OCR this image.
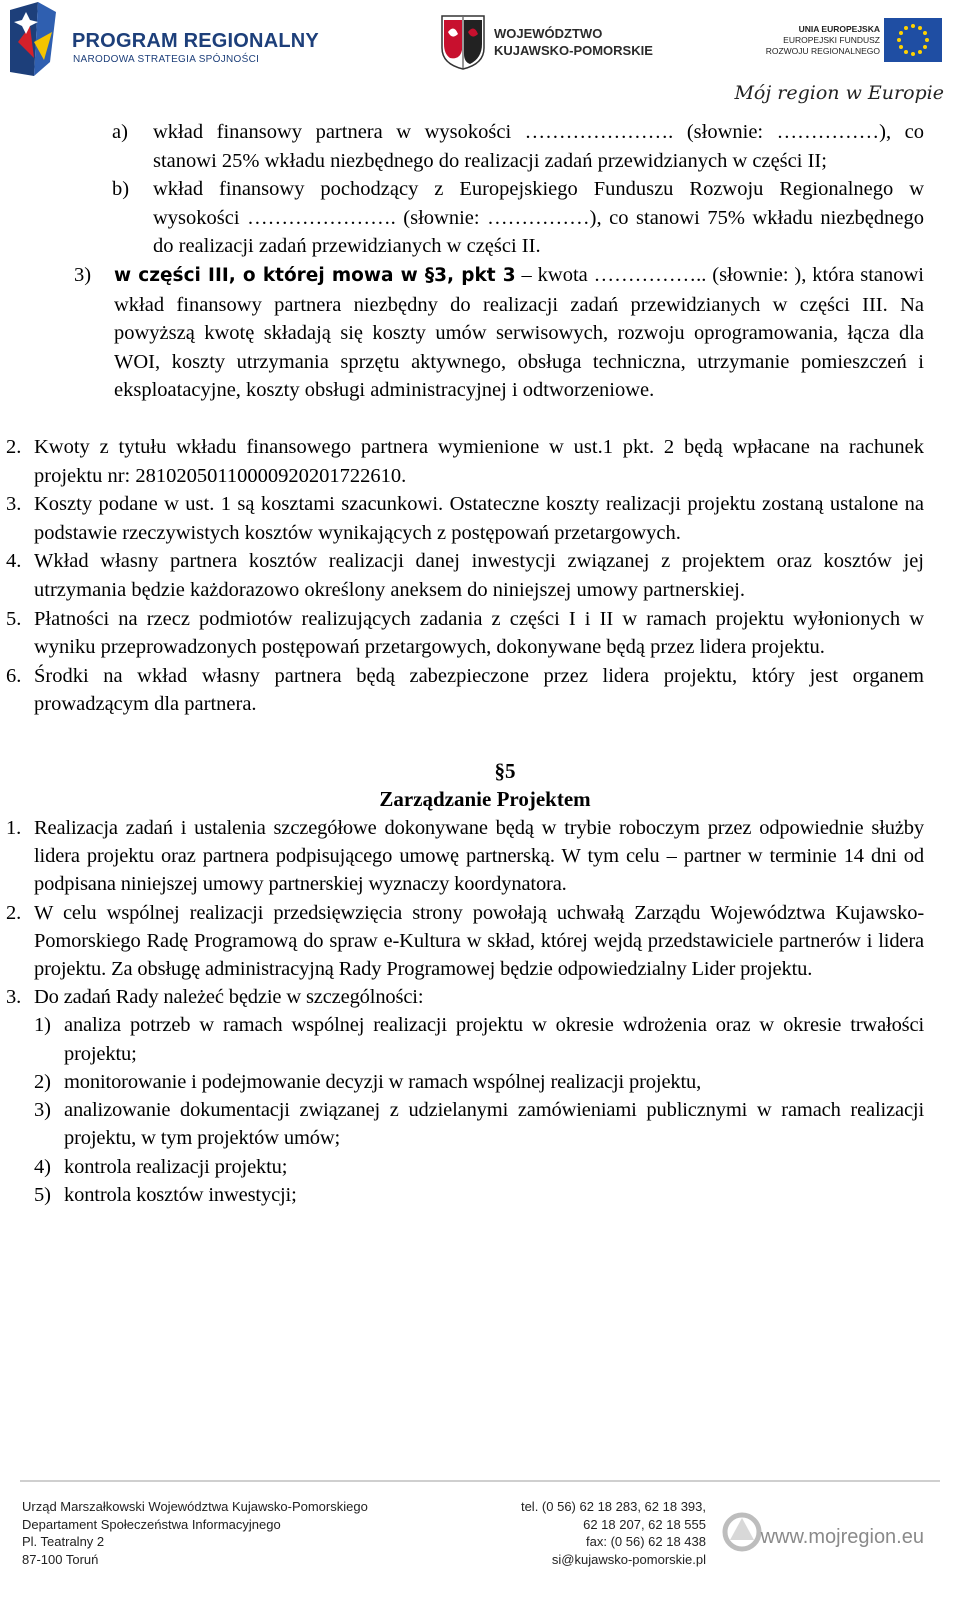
PROGRAM REGIONALNY
NARODOWA STRATEGIA SPÓJNOŚCI
WOJEWÓDZTWO
KUJAWSKO-POMORSKIE
UNIA EUROPEJSKA
EUROPEJSKI FUNDUSZ
ROZWOJU REGIONALNEGO
Mój region w Europie
a) wkład finansowy partnera w wysokości …………………. (słownie: ……………), co stanowi 25% wkładu niezbędnego do realizacji zadań przewidzianych w części II;
b) wkład finansowy pochodzący z Europejskiego Funduszu Rozwoju Regionalnego w wysokości …………………. (słownie: ……………), co stanowi 75% wkładu niezbędnego do realizacji zadań przewidzianych w części II.
3) w części III, o której mowa w §3, pkt 3 – kwota …………….. (słownie: ), która stanowi wkład finansowy partnera niezbędny do realizacji zadań przewidzianych w części III. Na powyższą kwotę składają się koszty umów serwisowych, rozwoju oprogramowania, łącza dla WOI, koszty utrzymania sprzętu aktywnego, obsługa techniczna, utrzymanie pomieszczeń i eksploatacyjne, koszty obsługi administracyjnej i odtworzeniowe.
2. Kwoty z tytułu wkładu finansowego partnera wymienione w ust.1 pkt. 2 będą wpłacane na rachunek projektu nr: 28102050110000920201722610.
3. Koszty podane w ust. 1 są kosztami szacunkowi. Ostateczne koszty realizacji projektu zostaną ustalone na podstawie rzeczywistych kosztów wynikających z postępowań przetargowych.
4. Wkład własny partnera kosztów realizacji danej inwestycji związanej z projektem oraz kosztów jej utrzymania będzie każdorazowo określony aneksem do niniejszej umowy partnerskiej.
5. Płatności na rzecz podmiotów realizujących zadania z części I i II w ramach projektu wyłonionych w wyniku przeprowadzonych postępowań przetargowych, dokonywane będą przez lidera projektu.
6. Środki na wkład własny partnera będą zabezpieczone przez lidera projektu, który jest organem prowadzącym dla partnera.
§5
Zarządzanie Projektem
1. Realizacja zadań i ustalenia szczegółowe dokonywane będą w trybie roboczym przez odpowiednie służby lidera projektu oraz partnera podpisującego umowę partnerską. W tym celu – partner w terminie 14 dni od podpisana niniejszej umowy partnerskiej wyznaczy koordynatora.
2. W celu wspólnej realizacji przedsięwzięcia strony powołają uchwałą Zarządu Województwa Kujawsko-Pomorskiego Radę Programową do spraw e-Kultura w skład, której wejdą przedstawiciele partnerów i lidera projektu. Za obsługę administracyjną Rady Programowej będzie odpowiedzialny Lider projektu.
3. Do zadań Rady należeć będzie w szczególności:
1) analiza potrzeb w ramach wspólnej realizacji projektu w okresie wdrożenia oraz w okresie trwałości projektu;
2) monitorowanie i podejmowanie decyzji w ramach wspólnej realizacji projektu,
3) analizowanie dokumentacji związanej z udzielanymi zamówieniami publicznymi w ramach realizacji projektu, w tym projektów umów;
4) kontrola realizacji projektu;
5) kontrola kosztów inwestycji;
Urząd Marszałkowski Województwa Kujawsko-Pomorskiego
Departament Społeczeństwa Informacyjnego
Pl. Teatralny 2
87-100 Toruń
tel. (0 56) 62 18 283, 62 18 393,
62 18 207, 62 18 555
fax: (0 56) 62 18 438
si@kujawsko-pomorskie.pl
www.mojregion.eu
